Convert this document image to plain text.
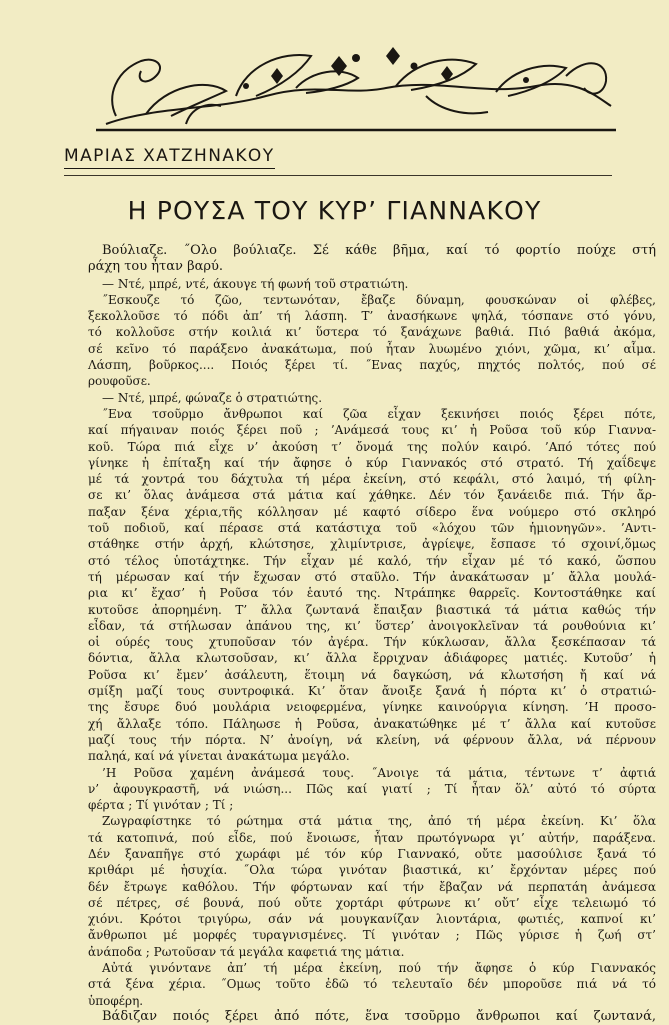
ΜΑΡΙΑΣ ΧΑΤΖΗΝΑΚΟΥ
Η ΡΟΥΣΑ ΤΟΥ ΚΥΡ’ ΓΙΑΝΝΑΚΟΥ
Βούλιαζε. ˝Ολο βούλιαζε. Σέ κάθε βῆμα, καί τό φορτίο πούχε στή
ράχη του ἦταν βαρύ.
— Ντέ, μπρέ, ντέ, άκουγε τή φωνή τοῦ στρατιώτη.
˝Εσκουζε τό ζῶο, τεντωνόταν, ἔβαζε δύναμη, φουσκώναν οἱ φλέβες,
ξεκολλοῦσε τό πόδι ἀπ’ τή λάσπη. Τ’ ἀνασήκωνε ψηλά, τόσπανε στό γόνυ,
τό κολλοῦσε στήν κοιλιά κι’ ὕστερα τό ξανάχωνε βαθιά. Πιό βαθιά ἀκόμα,
σέ κεῖνο τό παράξενο ἀνακάτωμα, πού ἦταν λυωμένο χιόνι, χῶμα, κι’ αἷμα.
Λάσπη, βοῦρκος.... Ποιός ξέρει τί. ˝Ενας παχύς, πηχτός πολτός, πού σέ
ρουφοῦσε.
— Ντέ, μπρέ, φώναζε ὁ στρατιώτης.
˝Ενα τσοῦρμο ἄνθρωποι καί ζῶα εἶχαν ξεκινήσει ποιός ξέρει πότε,
καί πήγαιναν ποιός ξέρει ποῦ ; ’Ανάμεσά τους κι’ ἡ Ροῦσα τοῦ κύρ Γιαννα-
κοῦ. Τώρα πιά εἶχε ν’ ἀκούση τ’ ὄνομά της πολύν καιρό. ’Από τότες πού
γίνηκε ἡ ἐπίταξη καί τήν ἄφησε ὁ κύρ Γιαννακός στό στρατό. Τή χαΐδεψε
μέ τά χοντρά του δάχτυλα τή μέρα ἐκείνη, στό κεφάλι, στό λαιμό, τή φίλη-
σε κι’ ὅλας ἀνάμεσα στά μάτια καί χάθηκε. Δέν τόν ξανάειδε πιά. Τήν ἄρ-
παξαν ξένα χέρια,τῆς κόλλησαν μέ καφτό σίδερο ἕνα νούμερο στό σκληρό
τοῦ ποδιοῦ, καί πέρασε στά κατάστιχα τοῦ «λόχου τῶν ἡμιονηγῶν». ’Αντι-
στάθηκε στήν ἀρχή, κλώτσησε, χλιμίντρισε, ἀγρίεψε, ἔσπασε τό σχοινί,ὅμως
στό τέλος ὑποτάχτηκε. Τήν εἶχαν μέ καλό, τήν εἶχαν μέ τό κακό, ὥσπου
τή μέρωσαν καί τήν ἔχωσαν στό σταῦλο. Τήν ἀνακάτωσαν μ’ ἄλλα μουλά-
ρια κι’ ἔχασ’ ἡ Ροῦσα τόν ἑαυτό της. Ντράπηκε θαρρεῖς. Κοντοστάθηκε καί
κυτοῦσε ἀπορημένη. Τ’ ἄλλα ζωντανά ἔπαιξαν βιαστικά τά μάτια καθώς τήν
εἶδαν, τά στήλωσαν ἀπάνου της, κι’ ὕστερ’ ἀνοιγοκλεῖναν τά ρουθούνια κι’
οἱ ούρές τους χτυποῦσαν τόν ἀγέρα. Τήν κύκλωσαν, ἄλλα ξεσκέπασαν τά
δόντια, ἄλλα κλωτσοῦσαν, κι’ ἄλλα ἔρριχναν ἀδιάφορες ματιές. Κυτοῦσ’ ἡ
Ροῦσα κι’ ἔμεν’ ἀσάλευτη, ἕτοιμη νά δαγκώση, νά κλωτσήση ἤ καί νά
σμίξη μαζί τους συντροφικά. Κι’ ὅταν ἄνοιξε ξανά ἡ πόρτα κι’ ὁ στρατιώ-
της ἔσυρε δυό μουλάρια νειοφερμένα, γίνηκε καινούργια κίνηση. ’Η προσο-
χή ἄλλαξε τόπο. Πάληωσε ἡ Ροῦσα, ἀνακατώθηκε μέ τ’ ἄλλα καί κυτοῦσε
μαζί τους τήν πόρτα. Ν’ ἀνοίγη, νά κλείνη, νά φέρνουν ἄλλα, νά πέρνουν
παληά, καί νά γίνεται ἀνακάτωμα μεγάλο.
’Η Ροῦσα χαμένη ἀνάμεσά τους. ˝Ανοιγε τά μάτια, τέντωνε τ’ ἀφτιά
ν’ ἀφουγκραστῆ, νά νιώση... Πῶς καί γιατί ; Τί ἦταν ὅλ’ αὐτό τό σύρτα
φέρτα ; Τί γινόταν ; Τί ;
Ζωγραφίστηκε τό ρώτημα στά μάτια της, ἀπό τή μέρα ἐκείνη. Κι’ ὅλα
τά κατοπινά, πού εἶδε, πού ἔνοιωσε, ἦταν πρωτόγνωρα γι’ αὐτήν, παράξενα.
Δέν ξαναπῆγε στό χωράφι μέ τόν κύρ Γιαννακό, οὔτε μασούλισε ξανά τό
κριθάρι μέ ἡσυχία. ˝Ολα τώρα γινόταν βιαστικά, κι’ ἔρχόνταν μέρες πού
δέν ἔτρωγε καθόλου. Τήν φόρτωναν καί τήν ἔβαζαν νά περπατάη ἀνάμεσα
σέ πέτρες, σέ βουνά, πού οὔτε χορτάρι φύτρωνε κι’ οὔτ’ εἶχε τελειωμό τό
χιόνι. Κρότοι τριγύρω, σάν νά μουγκανίζαν λιοντάρια, φωτιές, καπνοί κι’
ἄνθρωποι μέ μορφές τυραγνισμένες. Τί γινόταν ; Πῶς γύρισε ἡ ζωή στ’
ἀνάποδα ; Ρωτοῦσαν τά μεγάλα καφετιά της μάτια.
Αὐτά γινόντανε ἀπ’ τή μέρα ἐκείνη, πού τήν ἄφησε ὁ κύρ Γιαννακός
στά ξένα χέρια. ˝Ομως τοῦτο ἐδῶ τό τελευταῖο δέν μποροῦσε πιά νά τό
ὑποφέρη.
Βάδιζαν ποιός ξέρει ἀπό πότε, ἕνα τσοῦρμο ἄνθρωποι καί ζωντανά,
